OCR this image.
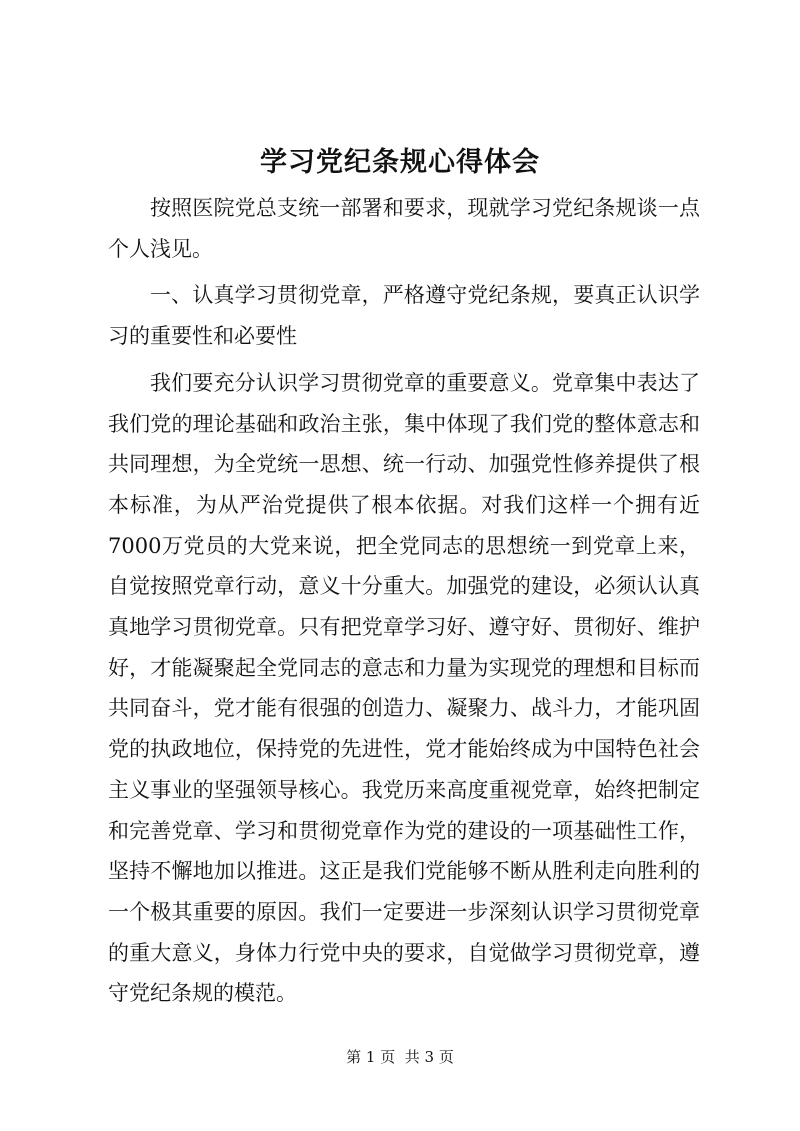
学习党纪条规心得体会

按照医院党总支统一部署和要求，现就学习党纪条规谈一点个人浅见。

一、认真学习贯彻党章，严格遵守党纪条规，要真正认识学习的重要性和必要性

我们要充分认识学习贯彻党章的重要意义。党章集中表达了我们党的理论基础和政治主张，集中体现了我们党的整体意志和共同理想，为全党统一思想、统一行动、加强党性修养提供了根本标准，为从严治党提供了根本依据。对我们这样一个拥有近7000万党员的大党来说，把全党同志的思想统一到党章上来，自觉按照党章行动，意义十分重大。加强党的建设，必须认认真真地学习贯彻党章。只有把党章学习好、遵守好、贯彻好、维护好，才能凝聚起全党同志的意志和力量为实现党的理想和目标而共同奋斗，党才能有很强的创造力、凝聚力、战斗力，才能巩固党的执政地位，保持党的先进性，党才能始终成为中国特色社会主义事业的坚强领导核心。我党历来高度重视党章，始终把制定和完善党章、学习和贯彻党章作为党的建设的一项基础性工作，坚持不懈地加以推进。这正是我们党能够不断从胜利走向胜利的一个极其重要的原因。我们一定要进一步深刻认识学习贯彻党章的重大意义，身体力行党中央的要求，自觉做学习贯彻党章，遵守党纪条规的模范。

第 1 页  共 3 页
